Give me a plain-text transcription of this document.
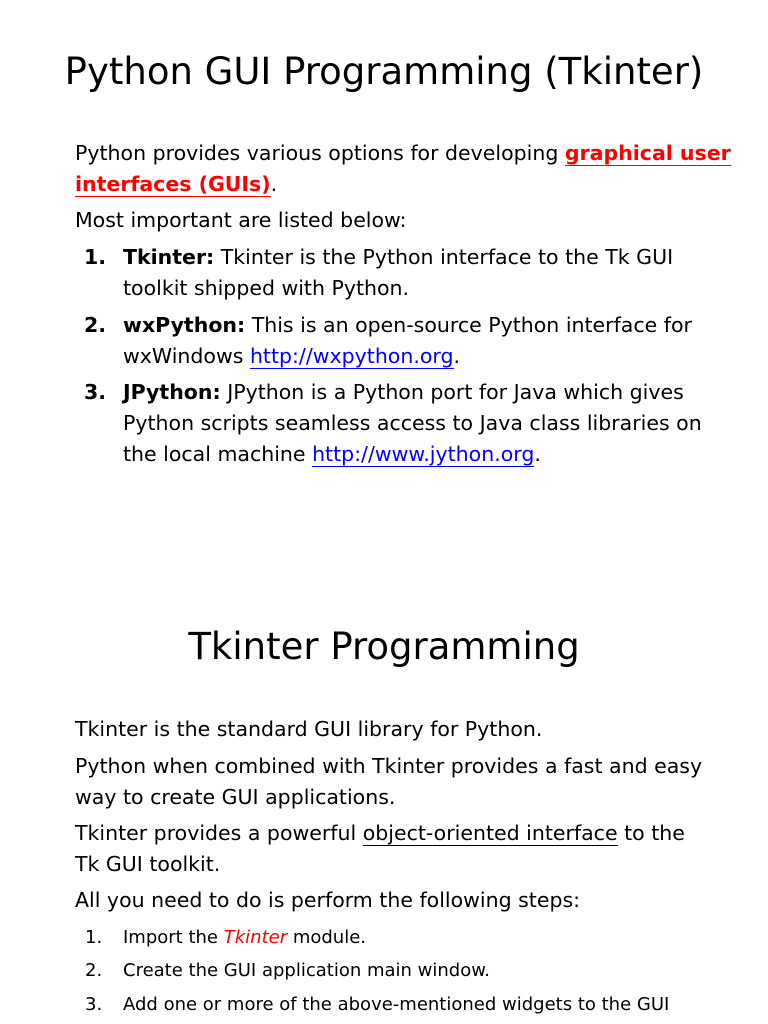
Python GUI Programming (Tkinter)
Python provides various options for developing graphical user
interfaces (GUIs).
Most important are listed below:
1. Tkinter: Tkinter is the Python interface to the Tk GUI
toolkit shipped with Python.
2. wxPython: This is an open-source Python interface for
wxWindows http://wxpython.org.
3. JPython: JPython is a Python port for Java which gives
Python scripts seamless access to Java class libraries on
the local machine http://www.jython.org.
Tkinter Programming
Tkinter is the standard GUI library for Python.
Python when combined with Tkinter provides a fast and easy
way to create GUI applications.
Tkinter provides a powerful object-oriented interface to the
Tk GUI toolkit.
All you need to do is perform the following steps:
1. Import the Tkinter module.
2. Create the GUI application main window.
3. Add one or more of the above-mentioned widgets to the GUI
